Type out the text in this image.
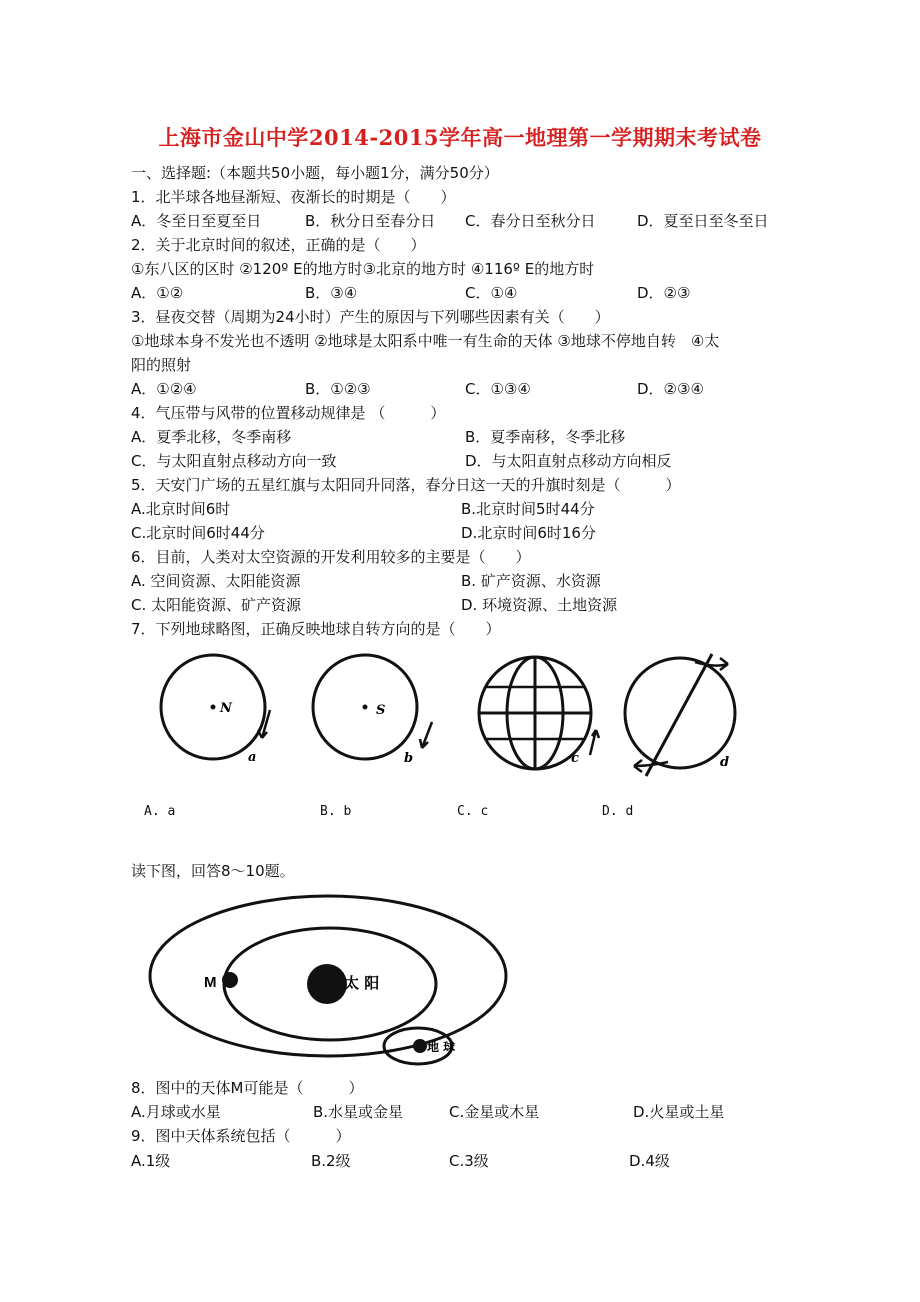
上海市金山中学2014-2015学年高一地理第一学期期末考试卷
一、选择题:（本题共50小题，每小题1分，满分50分）
1．北半球各地昼渐短、夜渐长的时期是（　　）
A．冬至日至夏至日	B．秋分日至春分日 C．春分日至秋分日	D．夏至日至冬至日
2．关于北京时间的叙述，正确的是（　　）
①东八区的区时 ②120º E的地方时③北京的地方时 ④116º E的地方时
A．①②	B．③④	C．①④	D．②③
3．昼夜交替（周期为24小时）产生的原因与下列哪些因素有关（　　）
①地球本身不发光也不透明 ②地球是太阳系中唯一有生命的天体 ③地球不停地自转　④太
阳的照射
A．①②④	B．①②③	C．①③④	D．②③④
4．气压带与风带的位置移动规律是 （　　　）
A．夏季北移，冬季南移	B．夏季南移，冬季北移
C．与太阳直射点移动方向一致	D．与太阳直射点移动方向相反
5．天安门广场的五星红旗与太阳同升同落，春分日这一天的升旗时刻是（　　　）
A.北京时间6时	B.北京时间5时44分
C.北京时间6时44分	D.北京时间6时16分
6．目前，人类对太空资源的开发利用较多的主要是（　　）
A. 空间资源、太阳能资源	B. 矿产资源、水资源
C. 太阳能资源、矿产资源	D. 环境资源、土地资源
7．下列地球略图，正确反映地球自转方向的是（　　）
N
a
S
b	c	d
A. a	B. b	C. c	D. d
读下图，回答8～10题。
M	太 阳
地 球
8．图中的天体M可能是（　　　）
A.月球或水星	B.水星或金星	C.金星或木星	D.火星或土星
9．图中天体系统包括（　　　）
A.1级	B.2级	C.3级	D.4级
